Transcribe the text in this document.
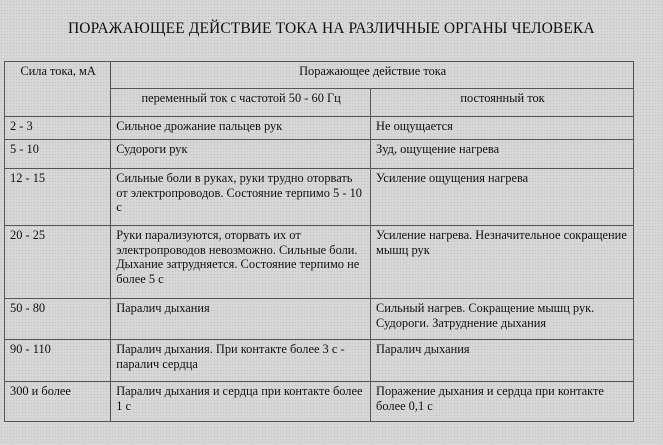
ПОРАЖАЮЩЕЕ ДЕЙСТВИЕ ТОКА НА РАЗЛИЧНЫЕ ОРГАНЫ ЧЕЛОВЕКА
Сила тока, мА	Поражающее действие тока	
	переменный ток с частотой 50 - 60 Гц	постоянный ток
2 - 3	Сильное дрожание пальцев рук	Не ощущается
5 - 10	Судороги рук	Зуд, ощущение нагрева
12 - 15	Сильные боли в руках, руки трудно оторвать от электропроводов. Состояние терпимо 5 - 10 с	Усиление ощущения нагрева
20 - 25	Руки парализуются, оторвать их от электропроводов невозможно. Сильные боли. Дыхание затрудняется. Состояние терпимо не более 5 с	Усиление нагрева. Незначительное сокращение мышц рук
50 - 80	Паралич дыхания	Сильный нагрев. Сокращение мышц рук. Судороги. Затруднение дыхания
90 - 110	Паралич дыхания. При контакте более 3 с - паралич сердца	Паралич дыхания
300 и более	Паралич дыхания и сердца при контакте более 1 с	Поражение дыхания и сердца при контакте более 0,1 с
